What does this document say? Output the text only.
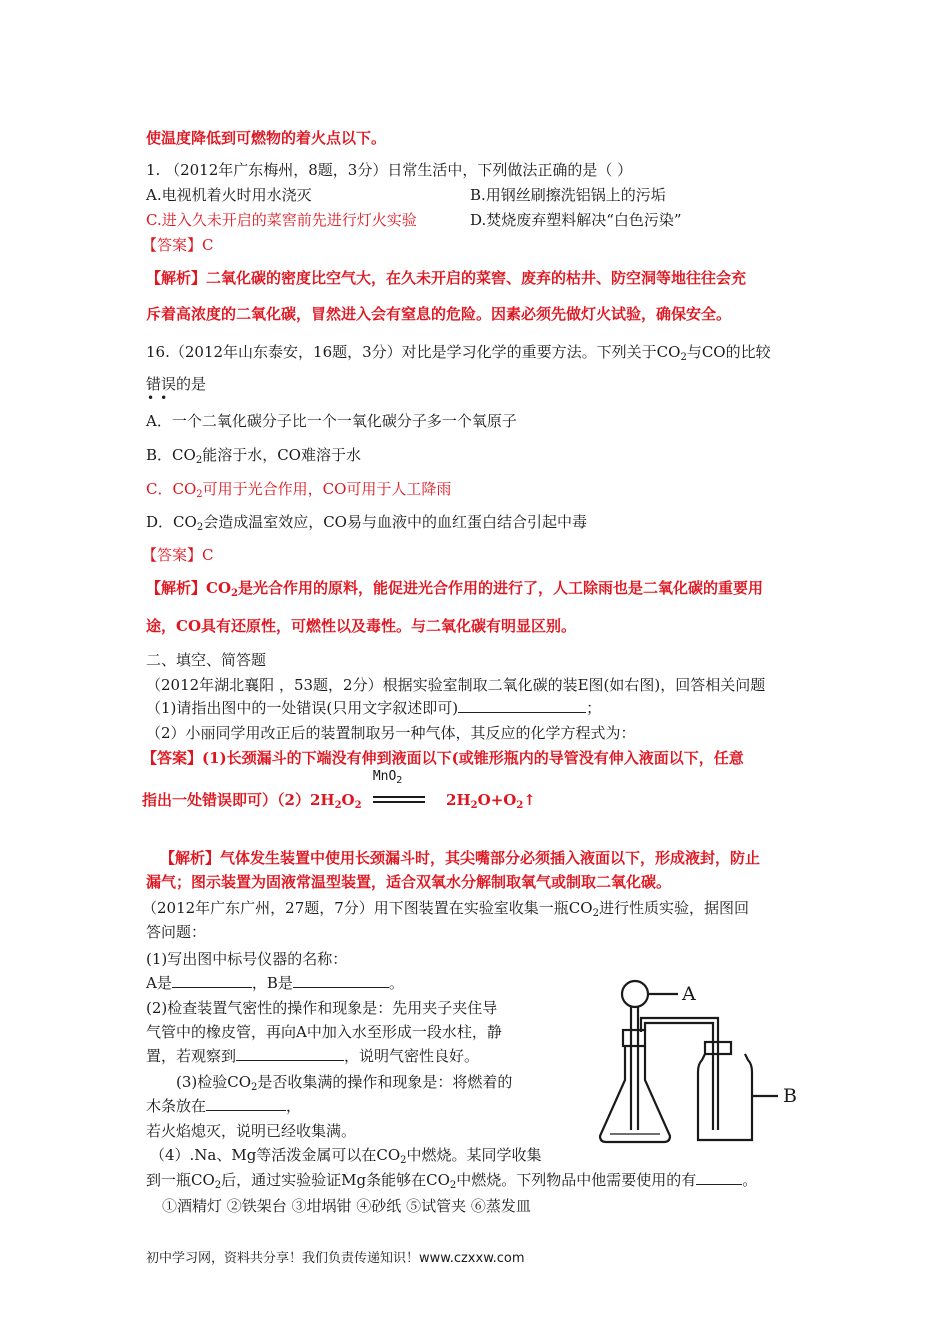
使温度降低到可燃物的着火点以下。
1. （2012年广东梅州，8题，3分）日常生活中，下列做法正确的是（ ）
A.电视机着火时用水浇灭	B.用钢丝刷擦洗铝锅上的污垢
C.进入久未开启的菜窖前先进行灯火实验	D.焚烧废弃塑料解决“白色污染”
【答案】C
【解析】二氧化碳的密度比空气大，在久未开启的菜窖、废弃的枯井、防空洞等地往往会充
斥着高浓度的二氧化碳，冒然进入会有窒息的危险。因素必须先做灯火试验，确保安全。
16.（2012年山东泰安，16题，3分）对比是学习化学的重要方法。下列关于$CO_2$与CO的比较
错误的是
••
A．一个二氧化碳分子比一个一氧化碳分子多一个氧原子
B．$CO_2$能溶于水，CO难溶于水
C．$CO_2$可用于光合作用，CO可用于人工降雨
D．$CO_2$会造成温室效应，CO易与血液中的血红蛋白结合引起中毒
【答案】C
【解析】$CO_2$是光合作用的原料，能促进光合作用的进行了，人工除雨也是二氧化碳的重要用
途，CO具有还原性，可燃性以及毒性。与二氧化碳有明显区别。
二、填空、简答题
（2012年湖北襄阳 ，53题，2分）根据实验室制取二氧化碳的装E图(如右图)，回答相关问题
（1)请指出图中的一处错误(只用文字叙述即可)	；
（2）小丽同学用改正后的装置制取另一种气体，其反应的化学方程式为：
【答案】(1)长颈漏斗的下端没有伸到液面以下(或锥形瓶内的导管没有伸入液面以下，任意
指出一处错误即可）$(2)2H_2O_2$
MnO$_2$
$2H_2O+O_2↑$
【解析】气体发生装置中使用长颈漏斗时，其尖嘴部分必须插入液面以下，形成液封，防止
漏气；图示装置为固液常温型装置，适合双氧水分解制取氧气或制取二氧化碳。
（2012年广东广州，27题，7分）用下图装置在实验室收集一瓶$CO_2$进行性质实验，据图回
答问题：
(1)写出图中标号仪器的名称：
A是	，B是	。
(2)检查装置气密性的操作和现象是：先用夹子夹住导
气管中的橡皮管，再向A中加入水至形成一段水柱，静
置，若观察到	，说明气密性良好。
(3)检验$CO_2$是否收集满的操作和现象是：将燃着的
木条放在	，
若火焰熄灭，说明已经收集满。
（4）.Na、Mg等活泼金属可以在$CO_2$中燃烧。某同学收集
到一瓶$CO_2$后，通过实验验证Mg条能够在$CO_2$中燃烧。下列物品中他需要使用的有	。
①酒精灯 ②铁架台 ③坩埚钳 ④砂纸 ⑤试管夹 ⑥蒸发皿
A
B
初中学习网，资料共分享！我们负责传递知识！www.czxxw.com
